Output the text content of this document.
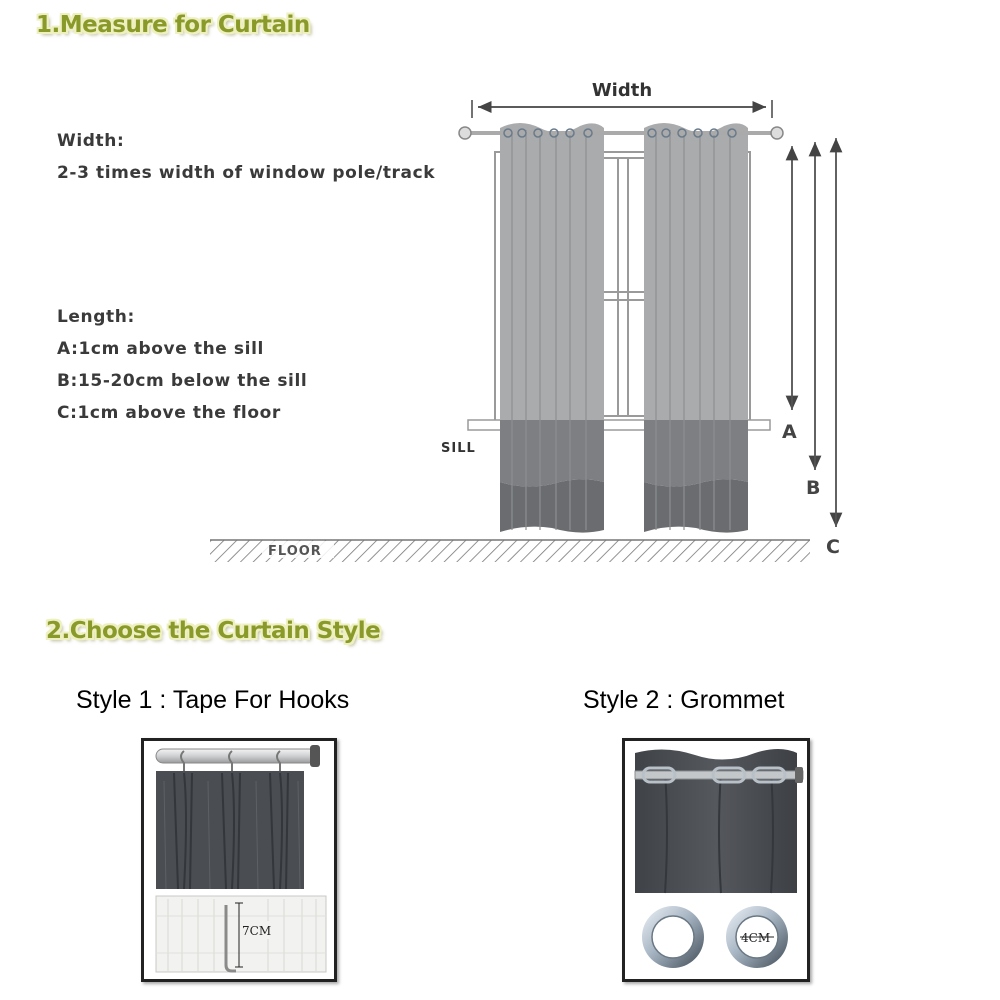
1.Measure for Curtain
Width:
2-3 times width of window pole/track
Length:
A:1cm above the sill
B:15-20cm below the sill
C:1cm above the floor
Width
SILL
FLOOR
A
B
C
2.Choose the Curtain Style
Style 1 : Tape For Hooks	Style 2 : Grommet
7CM	4CM
